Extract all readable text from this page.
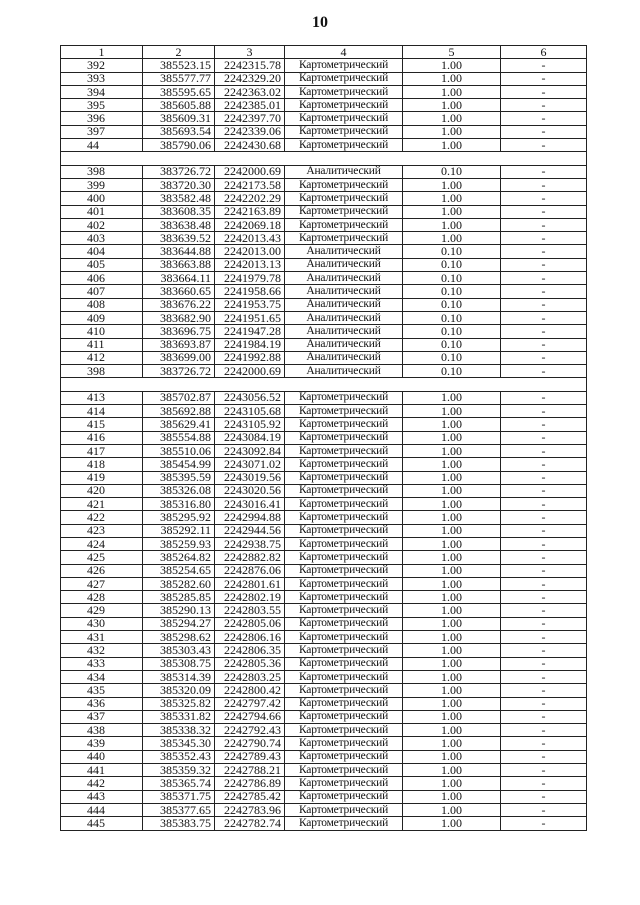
10
1	2	3	4	5	6
392	385523.15	2242315.78	Картометрический	1.00	-
393	385577.77	2242329.20	Картометрический	1.00	-
394	385595.65	2242363.02	Картометрический	1.00	-
395	385605.88	2242385.01	Картометрический	1.00	-
396	385609.31	2242397.70	Картометрический	1.00	-
397	385693.54	2242339.06	Картометрический	1.00	-
44	385790.06	2242430.68	Картометрический	1.00	-

398	383726.72	2242000.69	Аналитический	0.10	-
399	383720.30	2242173.58	Картометрический	1.00	-
400	383582.48	2242202.29	Картометрический	1.00	-
401	383608.35	2242163.89	Картометрический	1.00	-
402	383638.48	2242069.18	Картометрический	1.00	-
403	383639.52	2242013.43	Картометрический	1.00	-
404	383644.88	2242013.00	Аналитический	0.10	-
405	383663.88	2242013.13	Аналитический	0.10	-
406	383664.11	2241979.78	Аналитический	0.10	-
407	383660.65	2241958.66	Аналитический	0.10	-
408	383676.22	2241953.75	Аналитический	0.10	-
409	383682.90	2241951.65	Аналитический	0.10	-
410	383696.75	2241947.28	Аналитический	0.10	-
411	383693.87	2241984.19	Аналитический	0.10	-
412	383699.00	2241992.88	Аналитический	0.10	-
398	383726.72	2242000.69	Аналитический	0.10	-

413	385702.87	2243056.52	Картометрический	1.00	-
414	385692.88	2243105.68	Картометрический	1.00	-
415	385629.41	2243105.92	Картометрический	1.00	-
416	385554.88	2243084.19	Картометрический	1.00	-
417	385510.06	2243092.84	Картометрический	1.00	-
418	385454.99	2243071.02	Картометрический	1.00	-
419	385395.59	2243019.56	Картометрический	1.00	-
420	385326.08	2243020.56	Картометрический	1.00	-
421	385316.80	2243016.41	Картометрический	1.00	-
422	385295.92	2242994.88	Картометрический	1.00	-
423	385292.11	2242944.56	Картометрический	1.00	-
424	385259.93	2242938.75	Картометрический	1.00	-
425	385264.82	2242882.82	Картометрический	1.00	-
426	385254.65	2242876.06	Картометрический	1.00	-
427	385282.60	2242801.61	Картометрический	1.00	-
428	385285.85	2242802.19	Картометрический	1.00	-
429	385290.13	2242803.55	Картометрический	1.00	-
430	385294.27	2242805.06	Картометрический	1.00	-
431	385298.62	2242806.16	Картометрический	1.00	-
432	385303.43	2242806.35	Картометрический	1.00	-
433	385308.75	2242805.36	Картометрический	1.00	-
434	385314.39	2242803.25	Картометрический	1.00	-
435	385320.09	2242800.42	Картометрический	1.00	-
436	385325.82	2242797.42	Картометрический	1.00	-
437	385331.82	2242794.66	Картометрический	1.00	-
438	385338.32	2242792.43	Картометрический	1.00	-
439	385345.30	2242790.74	Картометрический	1.00	-
440	385352.43	2242789.43	Картометрический	1.00	-
441	385359.32	2242788.21	Картометрический	1.00	-
442	385365.74	2242786.89	Картометрический	1.00	-
443	385371.75	2242785.42	Картометрический	1.00	-
444	385377.65	2242783.96	Картометрический	1.00	-
445	385383.75	2242782.74	Картометрический	1.00	-
